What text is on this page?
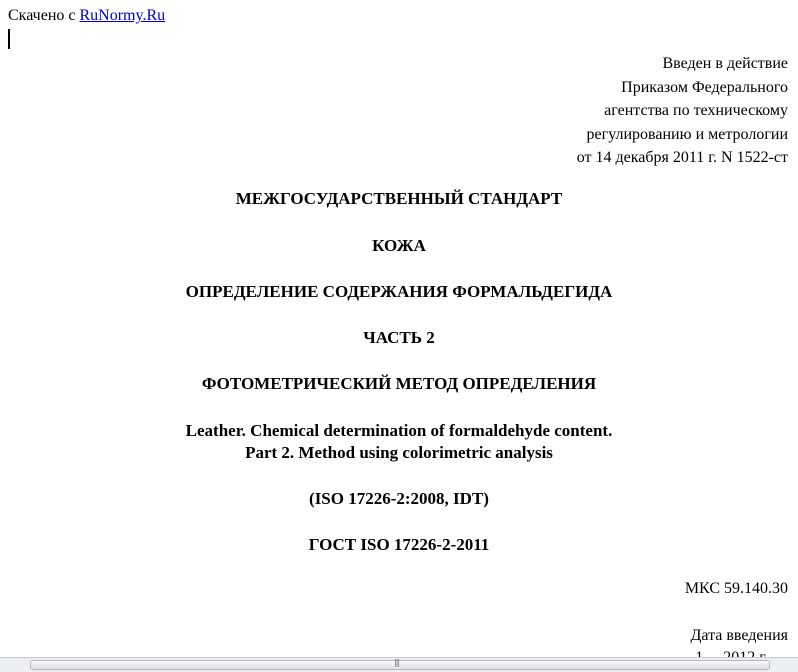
Скачено с RuNormy.Ru
Введен в действие
Приказом Федерального
агентства по техническому
регулированию и метрологии
от 14 декабря 2011 г. N 1522-ст
МЕЖГОСУДАРСТВЕННЫЙ СТАНДАРТ
КОЖА
ОПРЕДЕЛЕНИЕ СОДЕРЖАНИЯ ФОРМАЛЬДЕГИДА
ЧАСТЬ 2
ФОТОМЕТРИЧЕСКИЙ МЕТОД ОПРЕДЕЛЕНИЯ
Leather. Chemical determination of formaldehyde content.
Part 2. Method using colorimetric analysis
(ISO 17226-2:2008, IDT)
ГОСТ ISO 17226-2-2011
МКС 59.140.30
Дата введения
|||
